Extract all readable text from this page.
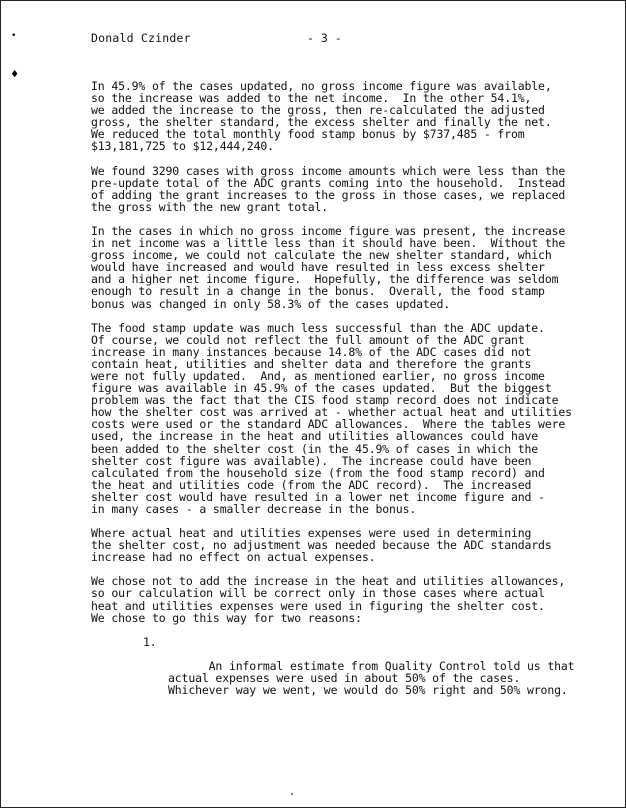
•
♦
Donald Czinder	- 3 -

In 45.9% of the cases updated, no gross income figure was available,
so the increase was added to the net income.  In the other 54.1%,
we added the increase to the gross, then re-calculated the adjusted
gross, the shelter standard, the excess shelter and finally the net.
We reduced the total monthly food stamp bonus by $737,485 - from
$13,181,725 to $12,444,240.

We found 3290 cases with gross income amounts which were less than the
pre-update total of the ADC grants coming into the household.  Instead
of adding the grant increases to the gross in those cases, we replaced
the gross with the new grant total.

In the cases in which no gross income figure was present, the increase
in net income was a little less than it should have been.  Without the
gross income, we could not calculate the new shelter standard, which
would have increased and would have resulted in less excess shelter
and a higher net income figure.  Hopefully, the difference was seldom
enough to result in a change in the bonus.  Overall, the food stamp
bonus was changed in only 58.3% of the cases updated.

The food stamp update was much less successful than the ADC update.
Of course, we could not reflect the full amount of the ADC grant
increase in many instances because 14.8% of the ADC cases did not
contain heat, utilities and shelter data and therefore the grants
were not fully updated.  And, as mentioned earlier, no gross income
figure was available in 45.9% of the cases updated.  But the biggest
problem was the fact that the CIS food stamp record does not indicate
how the shelter cost was arrived at - whether actual heat and utilities
costs were used or the standard ADC allowances.  Where the tables were
used, the increase in the heat and utilities allowances could have
been added to the shelter cost (in the 45.9% of cases in which the
shelter cost figure was available).  The increase could have been
calculated from the household size (from the food stamp record) and
the heat and utilities code (from the ADC record).  The increased
shelter cost would have resulted in a lower net income figure and -
in many cases - a smaller decrease in the bonus.

Where actual heat and utilities expenses were used in determining
the shelter cost, no adjustment was needed because the ADC standards
increase had no effect on actual expenses.

We chose not to add the increase in the heat and utilities allowances,
so our calculation will be correct only in those cases where actual
heat and utilities expenses were used in figuring the shelter cost.
We chose to go this way for two reasons:

1.

An informal estimate from Quality Control told us that
actual expenses were used in about 50% of the cases.
Whichever way we went, we would do 50% right and 50% wrong.
